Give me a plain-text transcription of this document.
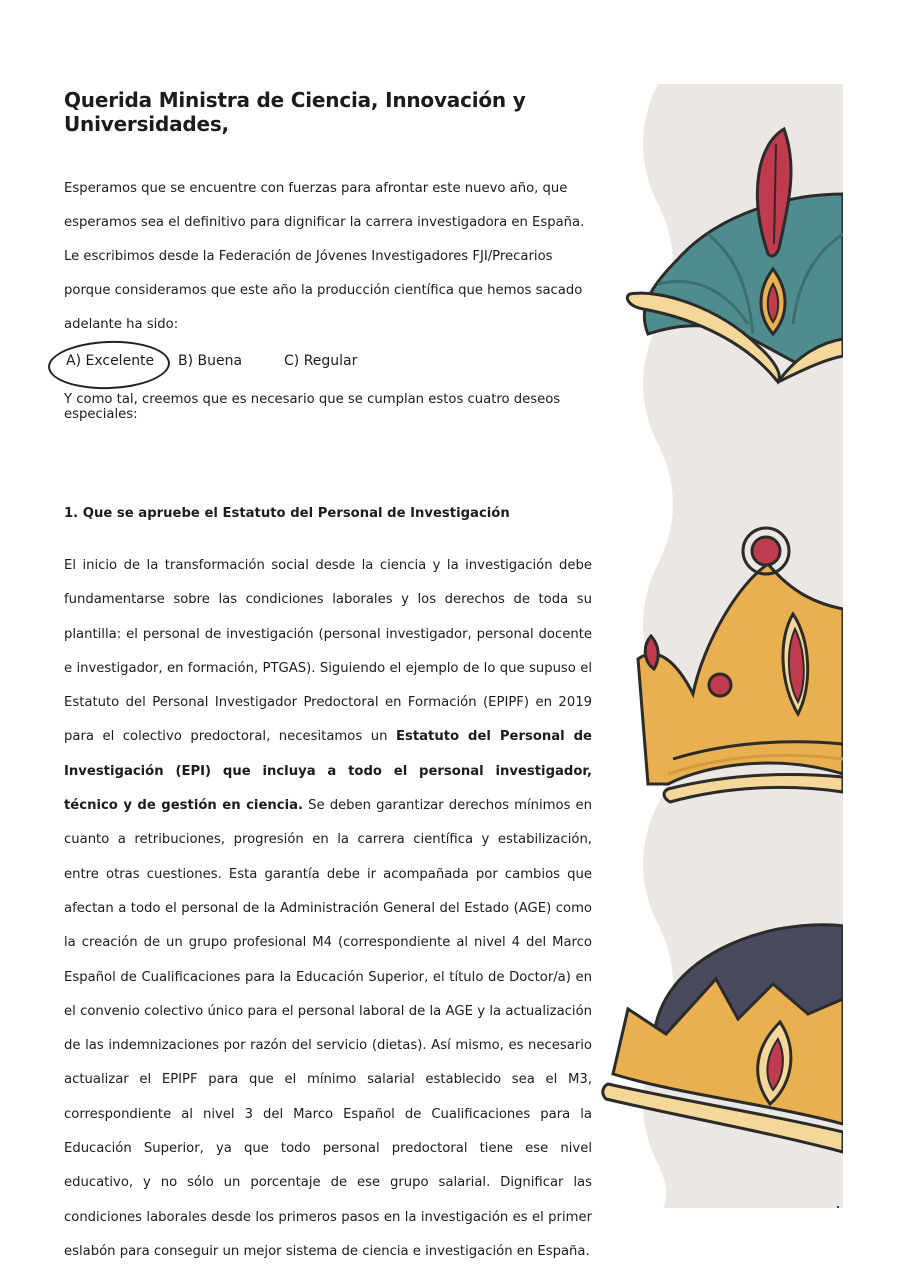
Querida Ministra de Ciencia, Innovación y Universidades,

Esperamos que se encuentre con fuerzas para afrontar este nuevo año, que esperamos sea el definitivo para dignificar la carrera investigadora en España. Le escribimos desde la Federación de Jóvenes Investigadores FJI/Precarios porque consideramos que este año la producción científica que hemos sacado adelante ha sido:

A) Excelente B) Buena	C) Regular

Y como tal, creemos que es necesario que se cumplan estos cuatro deseos especiales:

1. Que se apruebe el Estatuto del Personal de Investigación

El inicio de la transformación social desde la ciencia y la investigación debe fundamentarse sobre las condiciones laborales y los derechos de toda su plantilla: el personal de investigación (personal investigador, personal docente e investigador, en formación, PTGAS). Siguiendo el ejemplo de lo que supuso el Estatuto del Personal Investigador Predoctoral en Formación (EPIPF) en 2019 para el colectivo predoctoral, necesitamos un Estatuto del Personal de Investigación (EPI) que incluya a todo el personal investigador, técnico y de gestión en ciencia. Se deben garantizar derechos mínimos en cuanto a retribuciones, progresión en la carrera científica y estabilización, entre otras cuestiones. Esta garantía debe ir acompañada por cambios que afectan a todo el personal de la Administración General del Estado (AGE) como la creación de un grupo profesional M4 (correspondiente al nivel 4 del Marco Español de Cualificaciones para la Educación Superior, el título de Doctor/a) en el convenio colectivo único para el personal laboral de la AGE y la actualización de las indemnizaciones por razón del servicio (dietas). Así mismo, es necesario actualizar el EPIPF para que el mínimo salarial establecido sea el M3, correspondiente al nivel 3 del Marco Español de Cualificaciones para la Educación Superior, ya que todo personal predoctoral tiene ese nivel educativo, y no sólo un porcentaje de ese grupo salarial. Dignificar las condiciones laborales desde los primeros pasos en la investigación es el primer eslabón para conseguir un mejor sistema de ciencia e investigación en España.
